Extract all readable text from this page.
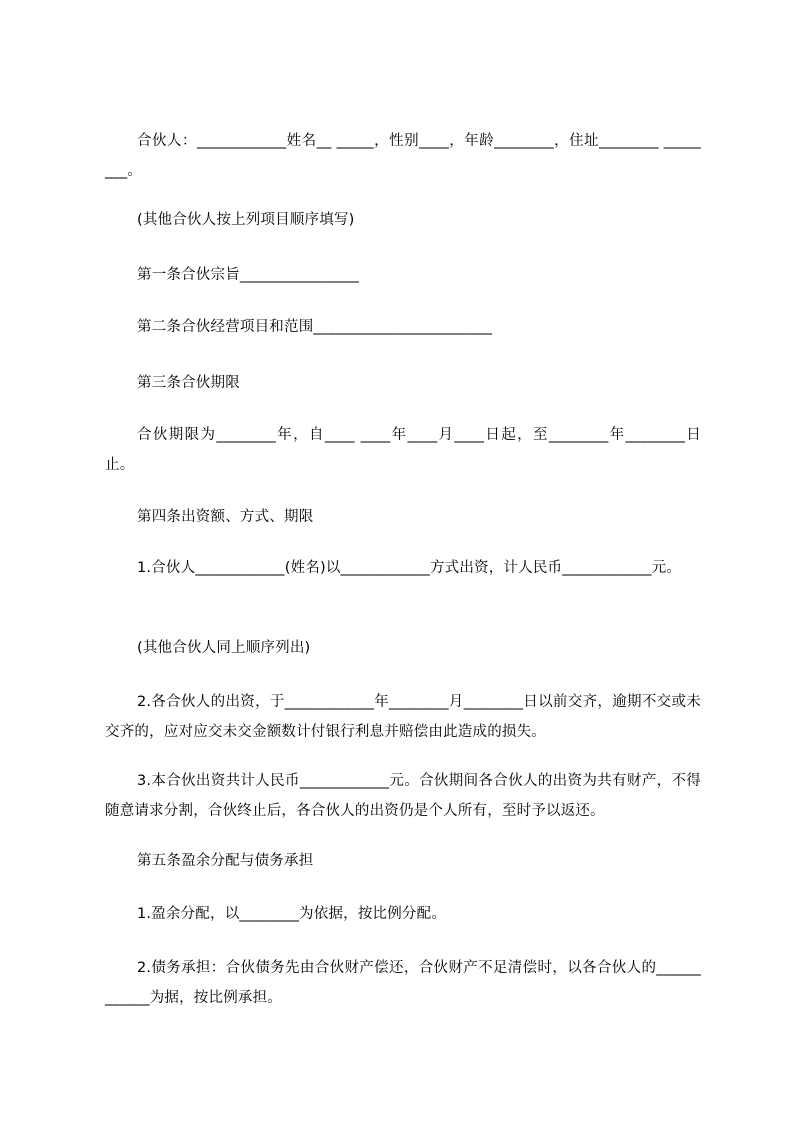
合伙人：____________姓名__ _____，性别____，年龄________，住址________ ________。

(其他合伙人按上列项目顺序填写)

第一条合伙宗旨________________

第二条合伙经营项目和范围________________________

第三条合伙期限

合伙期限为________年，自____ ____年____月____日起，至________年________日止。

第四条出资额、方式、期限

1.合伙人____________(姓名)以____________方式出资，计人民币____________元。

(其他合伙人同上顺序列出)

2.各合伙人的出资，于____________年________月________日以前交齐，逾期不交或未交齐的，应对应交未交金额数计付银行利息并赔偿由此造成的损失。

3.本合伙出资共计人民币____________元。合伙期间各合伙人的出资为共有财产，不得随意请求分割，合伙终止后，各合伙人的出资仍是个人所有，至时予以返还。

第五条盈余分配与债务承担

1.盈余分配，以________为依据，按比例分配。

2.债务承担：合伙债务先由合伙财产偿还，合伙财产不足清偿时，以各合伙人的____________为据，按比例承担。
